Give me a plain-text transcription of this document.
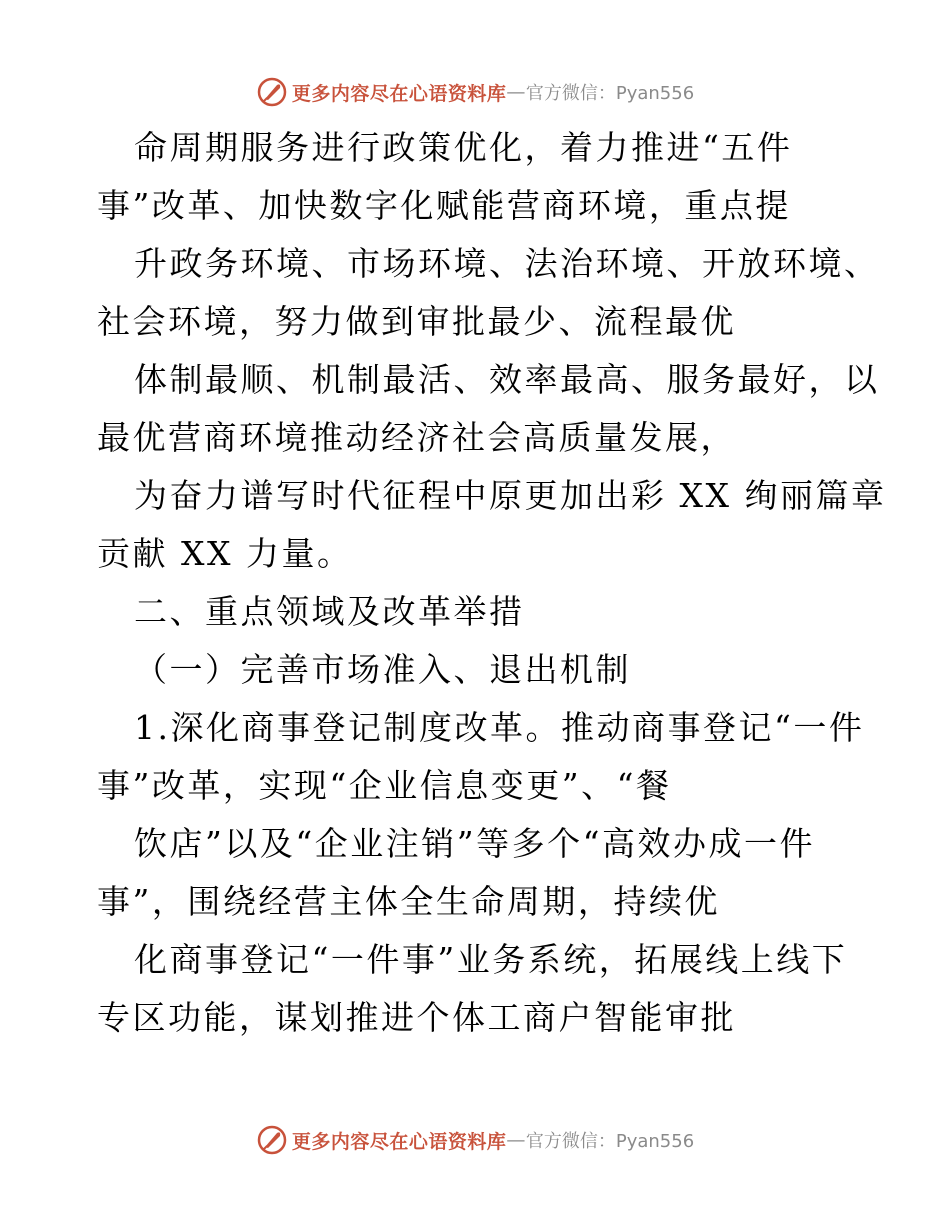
更多内容尽在心语资料库 — 官方微信：Pyan556
命周期服务进行政策优化，着力推进“五件
事”改革、加快数字化赋能营商环境，重点提
升政务环境、市场环境、法治环境、开放环境、
社会环境，努力做到审批最少、流程最优
体制最顺、机制最活、效率最高、服务最好，以
最优营商环境推动经济社会高质量发展，
为奋力谱写时代征程中原更加出彩 XX 绚丽篇章
贡献 XX 力量。
二、重点领域及改革举措
（一）完善市场准入、退出机制
1.深化商事登记制度改革。推动商事登记“一件
事”改革，实现“企业信息变更”、“餐
饮店”以及“企业注销”等多个“高效办成一件
事”，围绕经营主体全生命周期，持续优
化商事登记“一件事”业务系统，拓展线上线下
专区功能，谋划推进个体工商户智能审批
更多内容尽在心语资料库 — 官方微信：Pyan556
